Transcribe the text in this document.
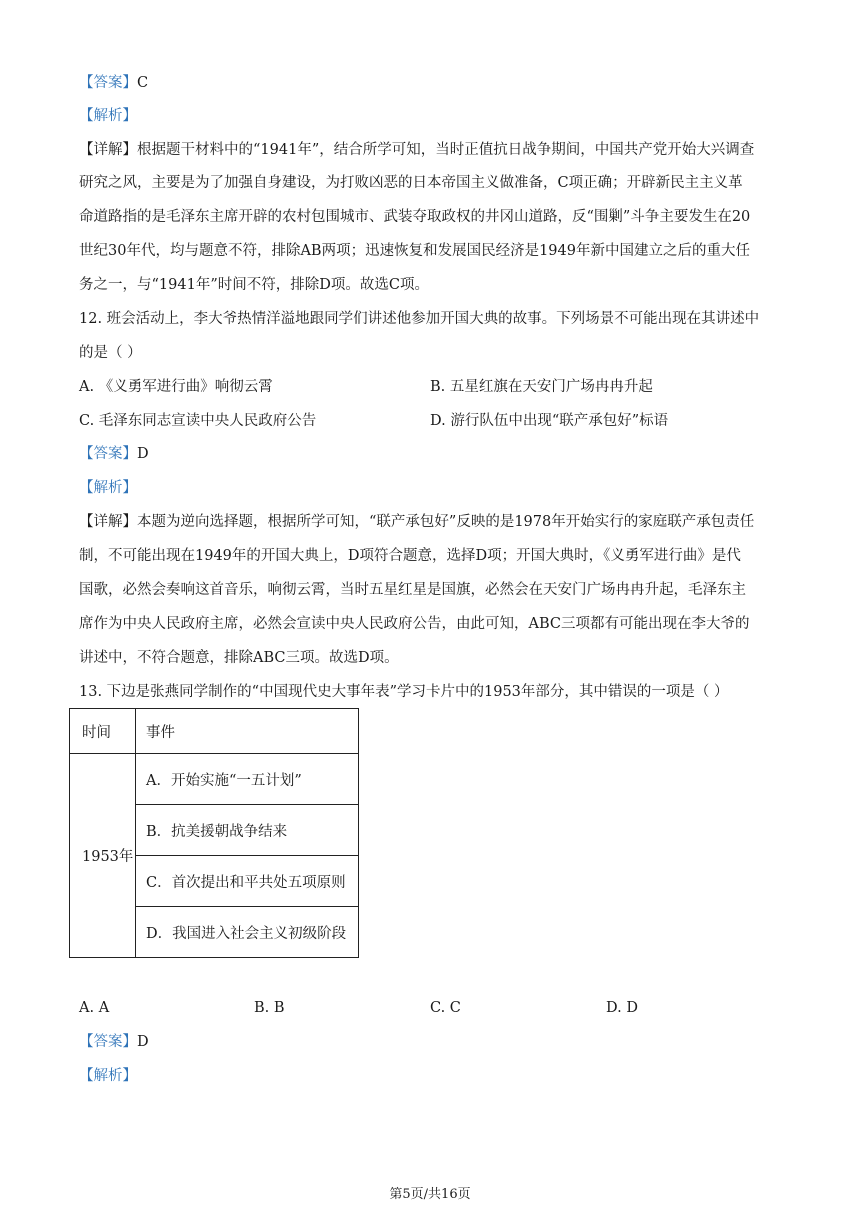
【答案】C
【解析】
【详解】根据题干材料中的“1941年”，结合所学可知，当时正值抗日战争期间，中国共产党开始大兴调查
研究之风，主要是为了加强自身建设，为打败凶恶的日本帝国主义做准备，C项正确；开辟新民主主义革
命道路指的是毛泽东主席开辟的农村包围城市、武装夺取政权的井冈山道路，反“围剿”斗争主要发生在20
世纪30年代，均与题意不符，排除AB两项；迅速恢复和发展国民经济是1949年新中国建立之后的重大任
务之一，与“1941年”时间不符，排除D项。故选C项。
12. 班会活动上，李大爷热情洋溢地跟同学们讲述他参加开国大典的故事。下列场景不可能出现在其讲述中
的是（ ）
A. 《义勇军进行曲》响彻云霄	B. 五星红旗在天安门广场冉冉升起
C. 毛泽东同志宣读中央人民政府公告	D. 游行队伍中出现“联产承包好”标语
【答案】D
【解析】
【详解】本题为逆向选择题，根据所学可知，“联产承包好”反映的是1978年开始实行的家庭联产承包责任
制，不可能出现在1949年的开国大典上，D项符合题意，选择D项；开国大典时，《义勇军进行曲》是代
国歌，必然会奏响这首音乐，响彻云霄，当时五星红星是国旗，必然会在天安门广场冉冉升起，毛泽东主
席作为中央人民政府主席，必然会宣读中央人民政府公告，由此可知，ABC三项都有可能出现在李大爷的
讲述中，不符合题意，排除ABC三项。故选D项。
13. 下边是张燕同学制作的“中国现代史大事年表”学习卡片中的1953年部分，其中错误的一项是（ ）
时间	事件
1953年	A．开始实施“一五计划”
	B．抗美援朝战争结来
	C．首次提出和平共处五项原则
	D．我国进入社会主义初级阶段
A. A	B. B	C. C	D. D
【答案】D
【解析】
第5页/共16页
